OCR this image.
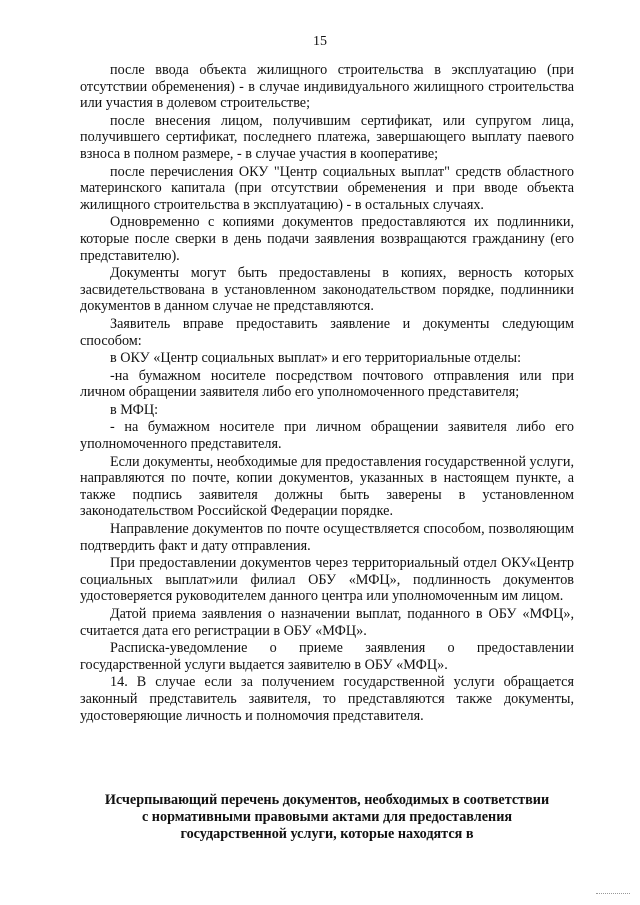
15

после ввода объекта жилищного строительства в эксплуатацию (при отсутствии обременения) - в случае индивидуального жилищного строительства или участия в долевом строительстве;

после внесения лицом, получившим сертификат, или супругом лица, получившего сертификат, последнего платежа, завершающего выплату паевого взноса в полном размере, - в случае участия в кооперативе;

после перечисления ОКУ "Центр социальных выплат" средств областного материнского капитала (при отсутствии обременения и при вводе объекта жилищного строительства в эксплуатацию) - в остальных случаях.

Одновременно с копиями документов предоставляются их подлинники, которые после сверки в день подачи заявления возвращаются гражданину (его представителю).

Документы могут быть предоставлены в копиях, верность которых засвидетельствована в установленном законодательством порядке, подлинники документов в данном случае не представляются.

Заявитель вправе предоставить заявление и документы следующим способом:

в ОКУ «Центр социальных выплат» и его территориальные отделы:

-на бумажном носителе посредством почтового отправления или при личном обращении заявителя либо его уполномоченного представителя;

в МФЦ:

- на бумажном носителе при личном обращении заявителя либо его уполномоченного представителя.

Если документы, необходимые для предоставления государственной услуги, направляются по почте, копии документов, указанных в настоящем пункте, а также подпись заявителя должны быть заверены в установленном законодательством Российской Федерации порядке.

Направление документов по почте осуществляется способом, позволяющим подтвердить факт и дату отправления.

При предоставлении документов через территориальный отдел ОКУ«Центр социальных выплат»или филиал ОБУ «МФЦ», подлинность документов удостоверяется руководителем данного центра или уполномоченным им лицом.

Датой приема заявления о назначении выплат, поданного в ОБУ «МФЦ», считается дата его регистрации в ОБУ «МФЦ».

Расписка-уведомление о приеме заявления о предоставлении государственной услуги выдается заявителю в ОБУ «МФЦ».

14. В случае если за получением государственной услуги обращается законный представитель заявителя, то представляются также документы, удостоверяющие личность и полномочия представителя.

Исчерпывающий перечень документов, необходимых в соответствии с нормативными правовыми актами для предоставления государственной услуги, которые находятся в
